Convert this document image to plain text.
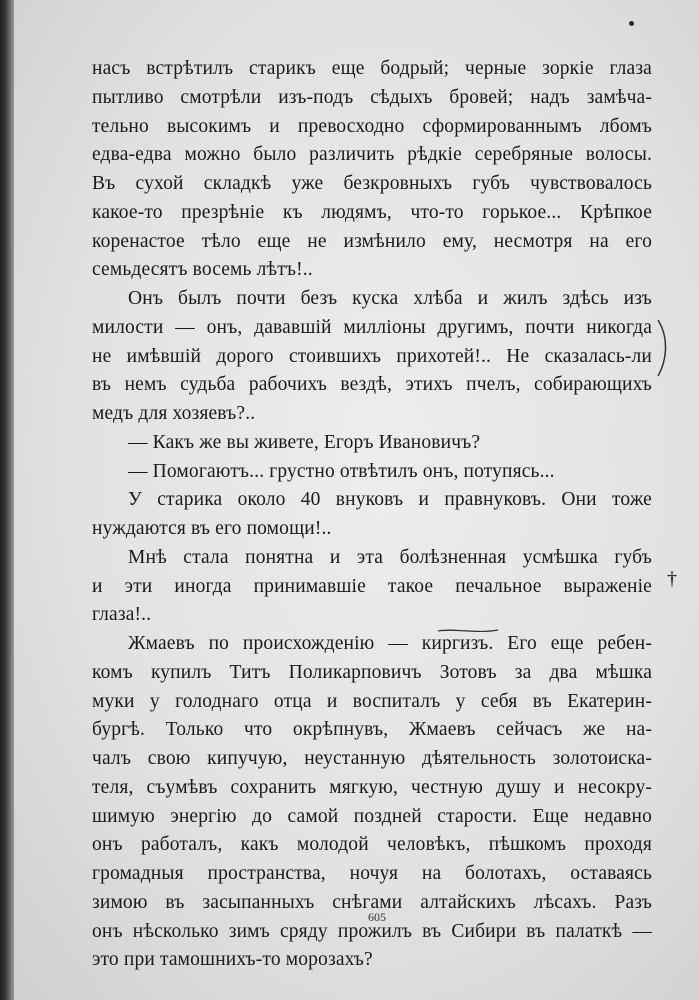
†
насъ встрѣтилъ старикъ еще бодрый; черные зоркiе глаза
пытливо смотрѣли изъ-подъ сѣдыхъ бровей; надъ замѣча-
тельно высокимъ и превосходно сформированнымъ лбомъ
едва-едва можно было различить рѣдкiе серебряные волосы.
Въ сухой складкѣ уже безкровныхъ губъ чувствовалось
какое-то презрѣнiе къ людямъ, что-то горькое... Крѣпкое
коренастое тѣло еще не измѣнило ему, несмотря на его
семьдесятъ восемь лѣтъ!..
Онъ былъ почти безъ куска хлѣба и жилъ здѣсь изъ
милости — онъ, дававшiй миллiоны другимъ, почти никогда
не имѣвшiй дорого стоившихъ прихотей!.. Не сказалась-ли
въ немъ судьба рабочихъ вездѣ, этихъ пчелъ, собирающихъ
медъ для хозяевъ?..
— Какъ же вы живете, Егоръ Ивановичъ?
— Помогаютъ... грустно отвѣтилъ онъ, потупясь...
У старика около 40 внуковъ и правнуковъ. Они тоже
нуждаются въ его помощи!..
Мнѣ стала понятна и эта болѣзненная усмѣшка губъ
и эти иногда принимавшiе такое печальное выраженiе
глаза!..
Жмаевъ по происхожденiю — киргизъ. Его еще ребен-
комъ купилъ Титъ Поликарповичъ Зотовъ за два мѣшка
муки у голоднаго отца и воспиталъ у себя въ Екатерин-
бургѣ. Только что окрѣпнувъ, Жмаевъ сейчасъ же на-
чалъ свою кипучую, неустанную дѣятельность золотоиска-
теля, съумѣвъ сохранить мягкую, честную душу и несокру-
шимую энергiю до самой поздней старости. Еще недавно
онъ работалъ, какъ молодой человѣкъ, пѣшкомъ проходя
громадныя пространства, ночуя на болотахъ, оставаясь
зимою въ засыпанныхъ снѣгами алтайскихъ лѣсахъ. Разъ
онъ нѣсколько зимъ сряду прожилъ въ Сибири въ палаткѣ —
это при тамошнихъ-то морозахъ?
605
